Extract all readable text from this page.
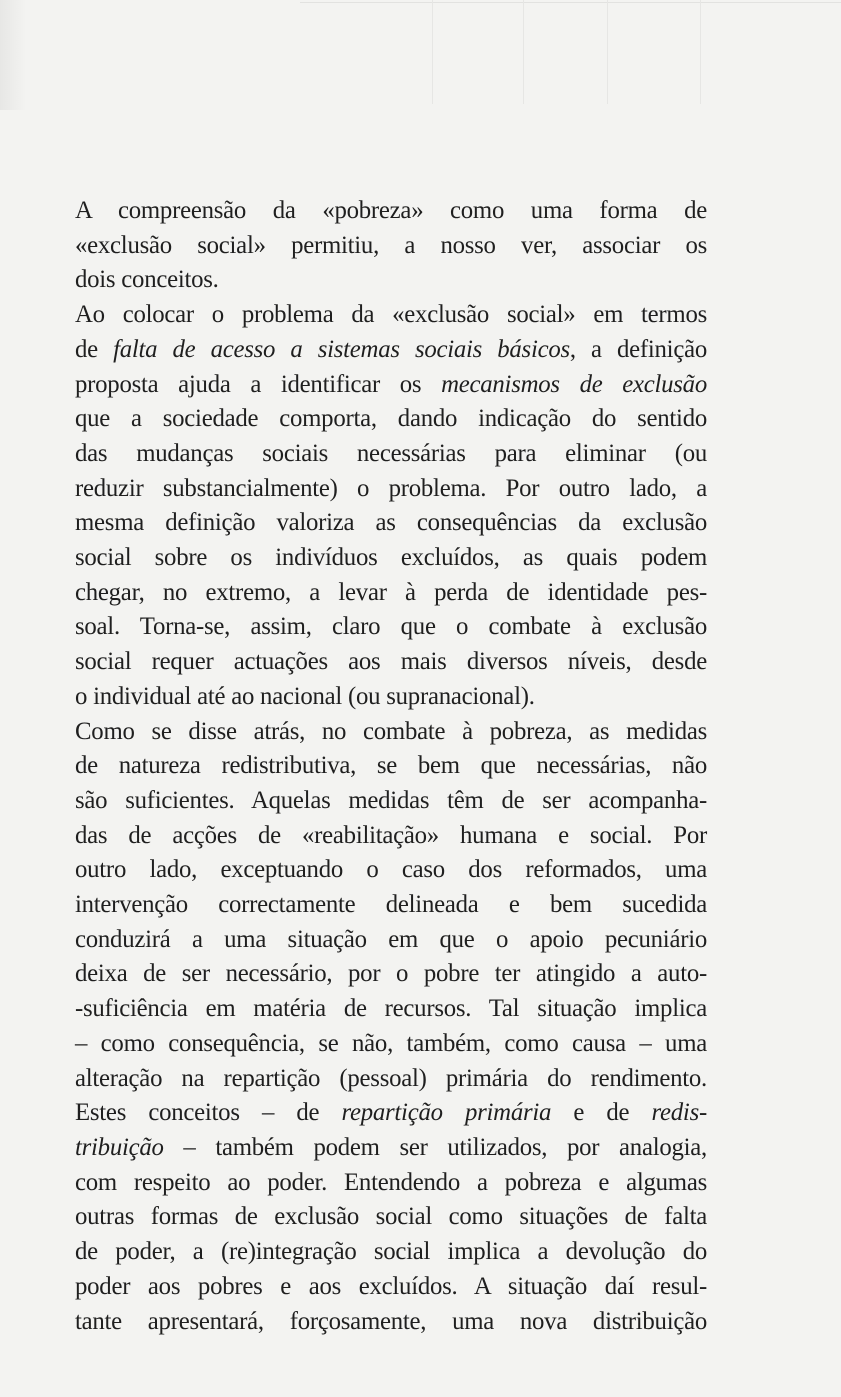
A compreensão da «pobreza» como uma forma de
«exclusão social» permitiu, a nosso ver, associar os
dois conceitos.
Ao colocar o problema da «exclusão social» em termos
de falta de acesso a sistemas sociais básicos, a definição
proposta ajuda a identificar os mecanismos de exclusão
que a sociedade comporta, dando indicação do sentido
das mudanças sociais necessárias para eliminar (ou
reduzir substancialmente) o problema. Por outro lado, a
mesma definição valoriza as consequências da exclusão
social sobre os indivíduos excluídos, as quais podem
chegar, no extremo, a levar à perda de identidade pes-
soal. Torna-se, assim, claro que o combate à exclusão
social requer actuações aos mais diversos níveis, desde
o individual até ao nacional (ou supranacional).
Como se disse atrás, no combate à pobreza, as medidas
de natureza redistributiva, se bem que necessárias, não
são suficientes. Aquelas medidas têm de ser acompanha-
das de acções de «reabilitação» humana e social. Por
outro lado, exceptuando o caso dos reformados, uma
intervenção correctamente delineada e bem sucedida
conduzirá a uma situação em que o apoio pecuniário
deixa de ser necessário, por o pobre ter atingido a auto-
-suficiência em matéria de recursos. Tal situação implica
– como consequência, se não, também, como causa – uma
alteração na repartição (pessoal) primária do rendimento.
Estes conceitos – de repartição primária e de redis-
tribuição – também podem ser utilizados, por analogia,
com respeito ao poder. Entendendo a pobreza e algumas
outras formas de exclusão social como situações de falta
de poder, a (re)integração social implica a devolução do
poder aos pobres e aos excluídos. A situação daí resul-
tante apresentará, forçosamente, uma nova distribuição
